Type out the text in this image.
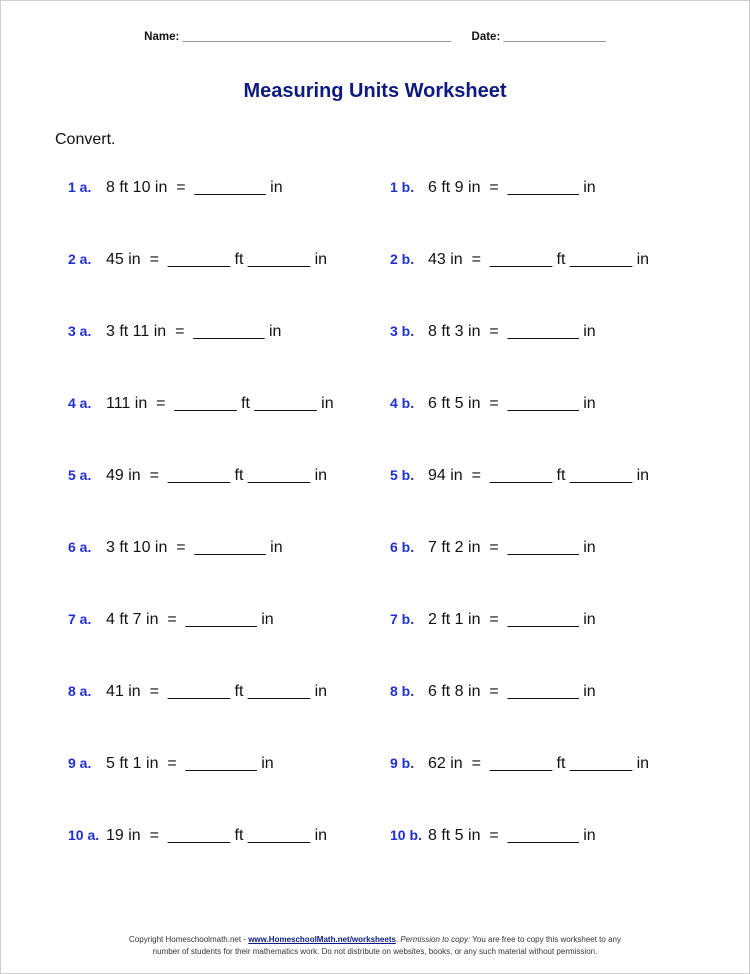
Name: __________________________________________ Date: ________________
Measuring Units Worksheet
Convert.
1 a. 8 ft 10 in  =  ________ in	1 b. 6 ft 9 in  =  ________ in
2 a. 45 in  =  _______ ft _______ in	2 b. 43 in  =  _______ ft _______ in
3 a. 3 ft 11 in  =  ________ in	3 b. 8 ft 3 in  =  ________ in
4 a. 111 in  =  _______ ft _______ in	4 b. 6 ft 5 in  =  ________ in
5 a. 49 in  =  _______ ft _______ in	5 b. 94 in  =  _______ ft _______ in
6 a. 3 ft 10 in  =  ________ in	6 b. 7 ft 2 in  =  ________ in
7 a. 4 ft 7 in  =  ________ in	7 b. 2 ft 1 in  =  ________ in
8 a. 41 in  =  _______ ft _______ in	8 b. 6 ft 8 in  =  ________ in
9 a. 5 ft 1 in  =  ________ in	9 b. 62 in  =  _______ ft _______ in
10 a. 19 in  =  _______ ft _______ in	10 b. 8 ft 5 in  =  ________ in
Copyright Homeschoolmath.net - www.HomeschoolMath.net/worksheets. Permission to copy: You are free to copy this worksheet to any
number of students for their mathematics work. Do not distribute on websites, books, or any such material without permission.
